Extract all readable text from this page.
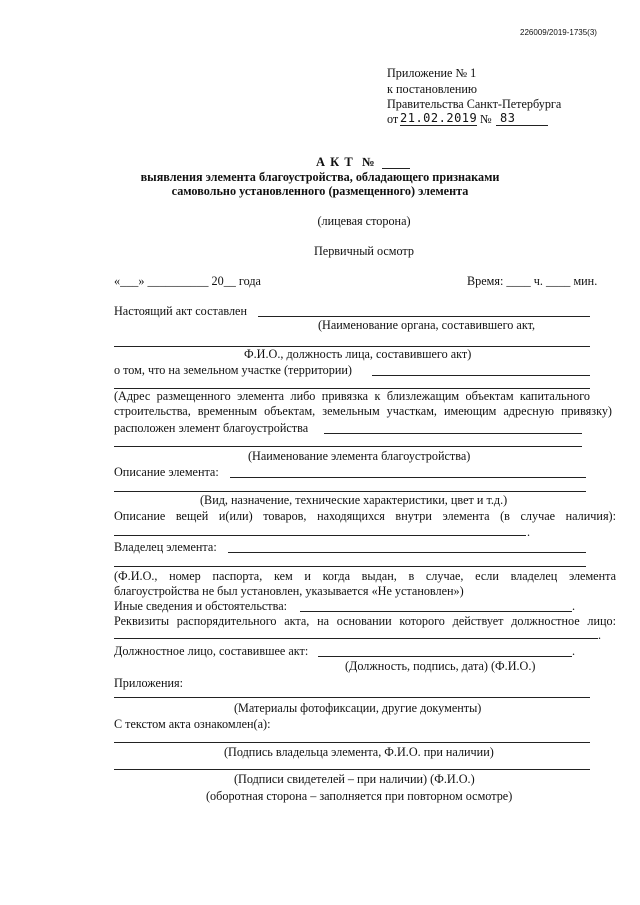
226009/2019-1735(3)
Приложение № 1
к постановлению
Правительства Санкт-Петербурга
от 21.02.2019 № 83
А К Т №
выявления элемента благоустройства, обладающего признаками
самовольно установленного (размещенного) элемента
(лицевая сторона)
Первичный осмотр
«___» __________ 20__ года	Время: ____ ч. ____ мин.
Настоящий акт составлен
(Наименование органа, составившего акт,
Ф.И.О., должность лица, составившего акт)
о том, что на земельном участке (территории)
(Адрес размещенного элемента либо привязка к близлежащим объектам капитального
строительства, временным объектам, земельным участкам, имеющим адресную привязку)
расположен элемент благоустройства
(Наименование элемента благоустройства)
Описание элемента:
(Вид, назначение, технические характеристики, цвет и т.д.)
Описание вещей и(или) товаров, находящихся внутри элемента (в случае наличия):
.
Владелец элемента:
(Ф.И.О., номер паспорта, кем и когда выдан, в случае, если владелец элемента
благоустройства не был установлен, указывается «Не установлен»)
Иные сведения и обстоятельства:	.
Реквизиты распорядительного акта, на основании которого действует должностное лицо:
.
Должностное лицо, составившее акт:	.
(Должность, подпись, дата) (Ф.И.О.)
Приложения:
(Материалы фотофиксации, другие документы)
С текстом акта ознакомлен(а):
(Подпись владельца элемента, Ф.И.О. при наличии)
(Подписи свидетелей – при наличии) (Ф.И.О.)
(оборотная сторона – заполняется при повторном осмотре)
